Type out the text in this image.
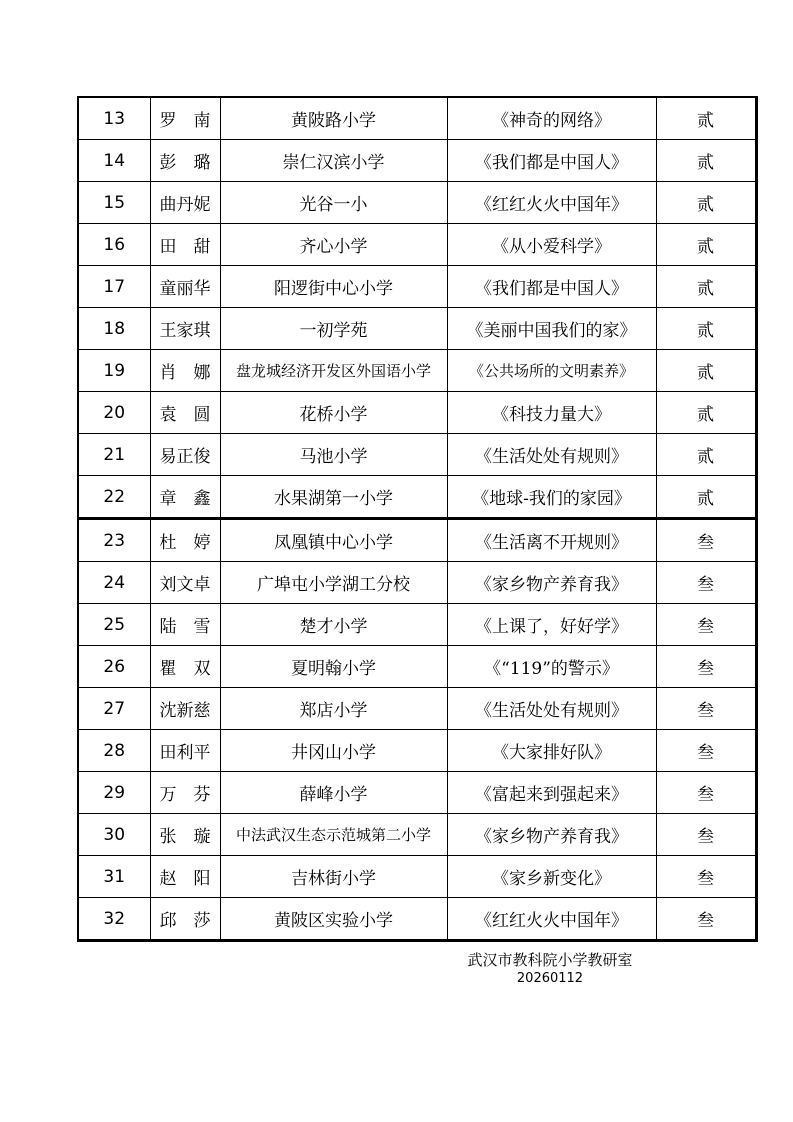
13	罗　南	黄陂路小学	《神奇的网络》	贰
14	彭　璐	崇仁汉滨小学	《我们都是中国人》	贰
15	曲丹妮	光谷一小	《红红火火中国年》	贰
16	田　甜	齐心小学	《从小爱科学》	贰
17	童丽华	阳逻街中心小学	《我们都是中国人》	贰
18	王家琪	一初学苑	《美丽中国我们的家》	贰
19	肖　娜	盘龙城经济开发区外国语小学	《公共场所的文明素养》	贰
20	袁　圆	花桥小学	《科技力量大》	贰
21	易正俊	马池小学	《生活处处有规则》	贰
22	章　鑫	水果湖第一小学	《地球-我们的家园》	贰
23	杜　婷	凤凰镇中心小学	《生活离不开规则》	叁
24	刘文卓	广埠屯小学湖工分校	《家乡物产养育我》	叁
25	陆　雪	楚才小学	《上课了，好好学》	叁
26	瞿　双	夏明翰小学	《“119”的警示》	叁
27	沈新慈	郑店小学	《生活处处有规则》	叁
28	田利平	井冈山小学	《大家排好队》	叁
29	万　芬	薛峰小学	《富起来到强起来》	叁
30	张　璇	中法武汉生态示范城第二小学	《家乡物产养育我》	叁
31	赵　阳	吉林街小学	《家乡新变化》	叁
32	邱　莎	黄陂区实验小学	《红红火火中国年》	叁
武汉市教科院小学教研室
20260112
